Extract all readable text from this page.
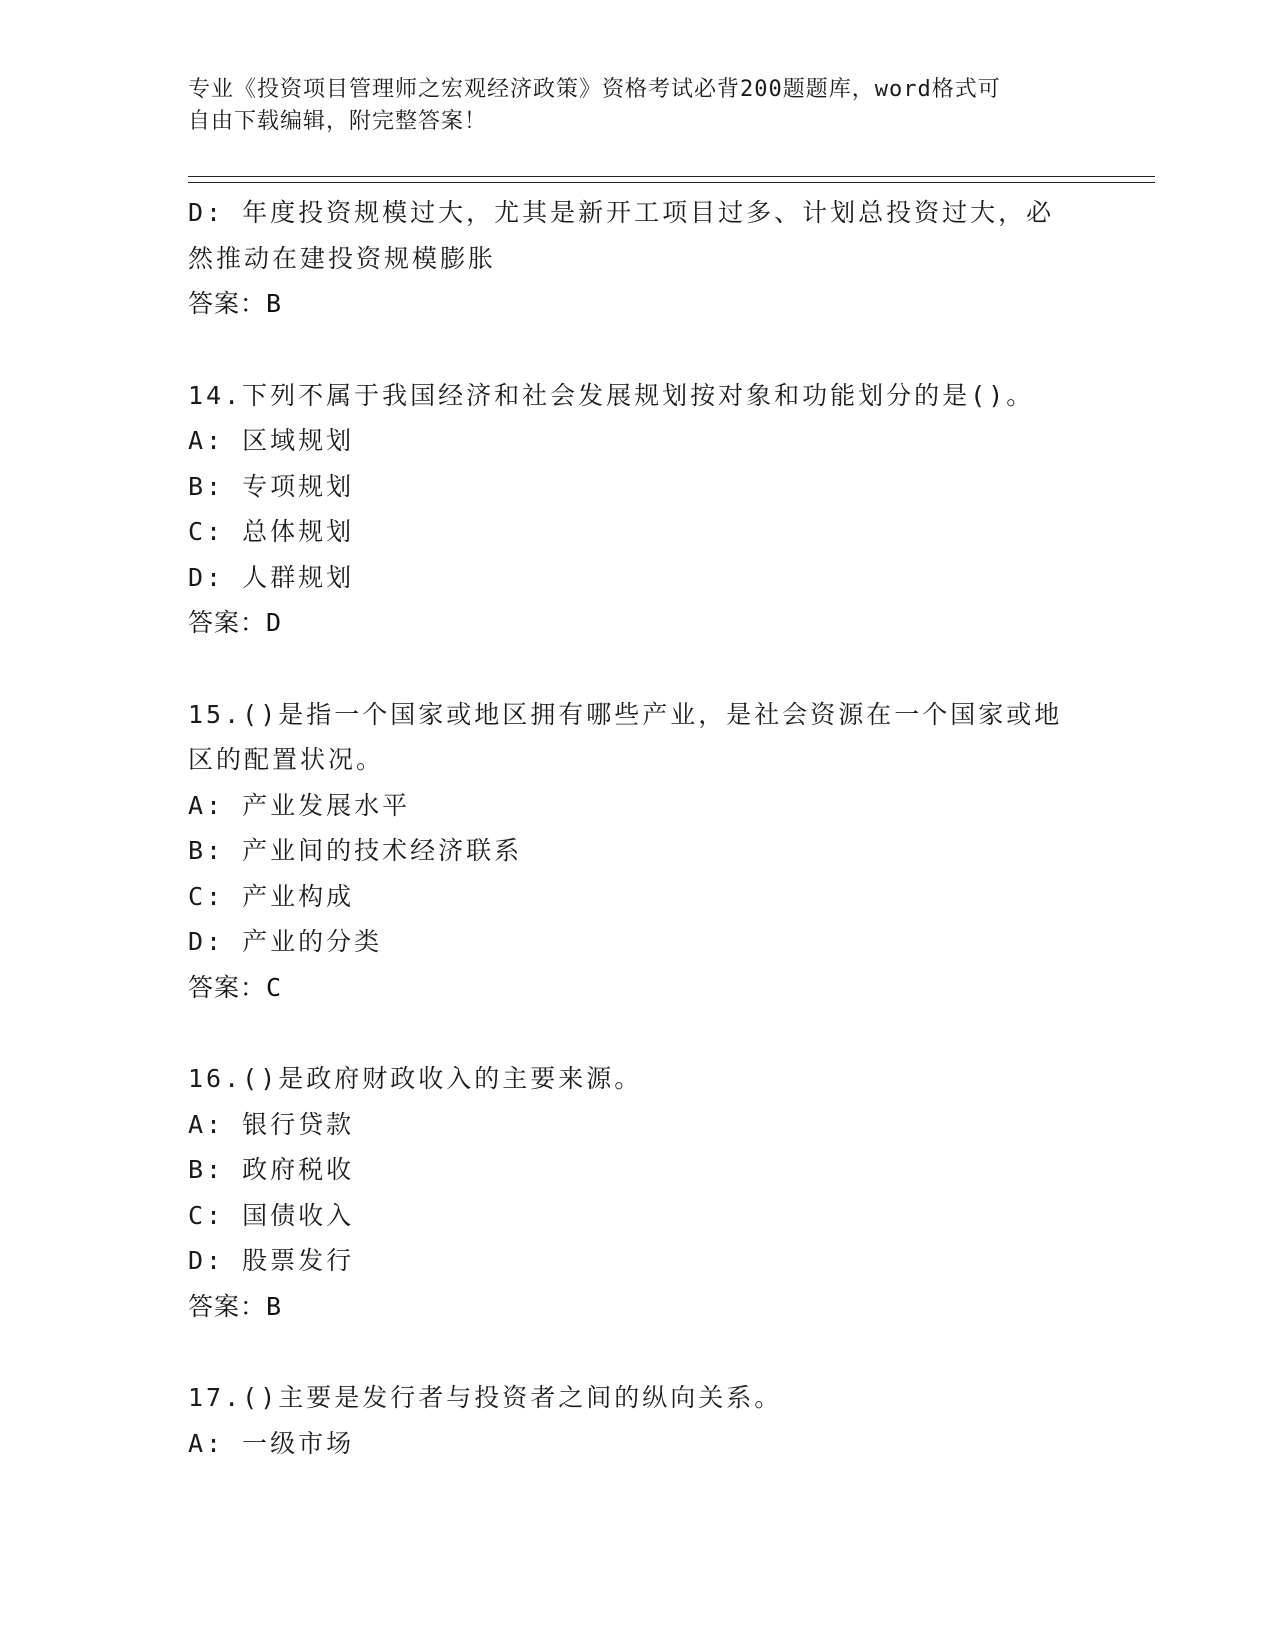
专业《投资项目管理师之宏观经济政策》资格考试必背200题题库，word格式可
自由下载编辑，附完整答案！
D: 年度投资规模过大，尤其是新开工项目过多、计划总投资过大，必
然推动在建投资规模膨胀
答案：B
14.下列不属于我国经济和社会发展规划按对象和功能划分的是()。
A: 区域规划
B: 专项规划
C: 总体规划
D: 人群规划
答案：D
15.()是指一个国家或地区拥有哪些产业，是社会资源在一个国家或地
区的配置状况。
A: 产业发展水平
B: 产业间的技术经济联系
C: 产业构成
D: 产业的分类
答案：C
16.()是政府财政收入的主要来源。
A: 银行贷款
B: 政府税收
C: 国债收入
D: 股票发行
答案：B
17.()主要是发行者与投资者之间的纵向关系。
A: 一级市场
